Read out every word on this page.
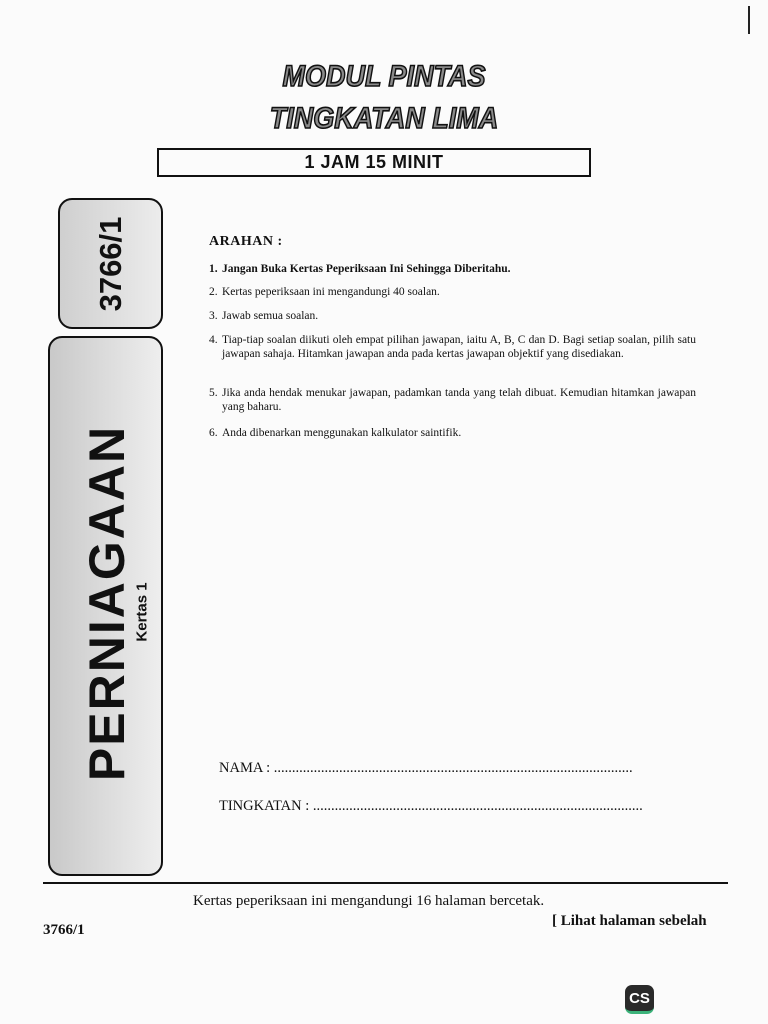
MODUL PINTAS
TINGKATAN LIMA
1 JAM 15 MINIT
3766/1
PERNIAGAAN
Kertas 1
ARAHAN :
1. Jangan Buka Kertas Peperiksaan Ini Sehingga Diberitahu.
2. Kertas peperiksaan ini mengandungi 40 soalan.
3. Jawab semua soalan.
4. Tiap-tiap soalan diikuti oleh empat pilihan jawapan, iaitu A, B, C dan D. Bagi setiap soalan, pilih satu jawapan sahaja. Hitamkan jawapan anda pada kertas jawapan objektif yang disediakan.
5. Jika anda hendak menukar jawapan, padamkan tanda yang telah dibuat. Kemudian hitamkan jawapan yang baharu.
6. Anda dibenarkan menggunakan kalkulator saintifik.
NAMA : ...................................................................................................
TINGKATAN : ...........................................................................................
Kertas peperiksaan ini mengandungi 16 halaman bercetak.
3766/1
[ Lihat halaman sebelah
CS
